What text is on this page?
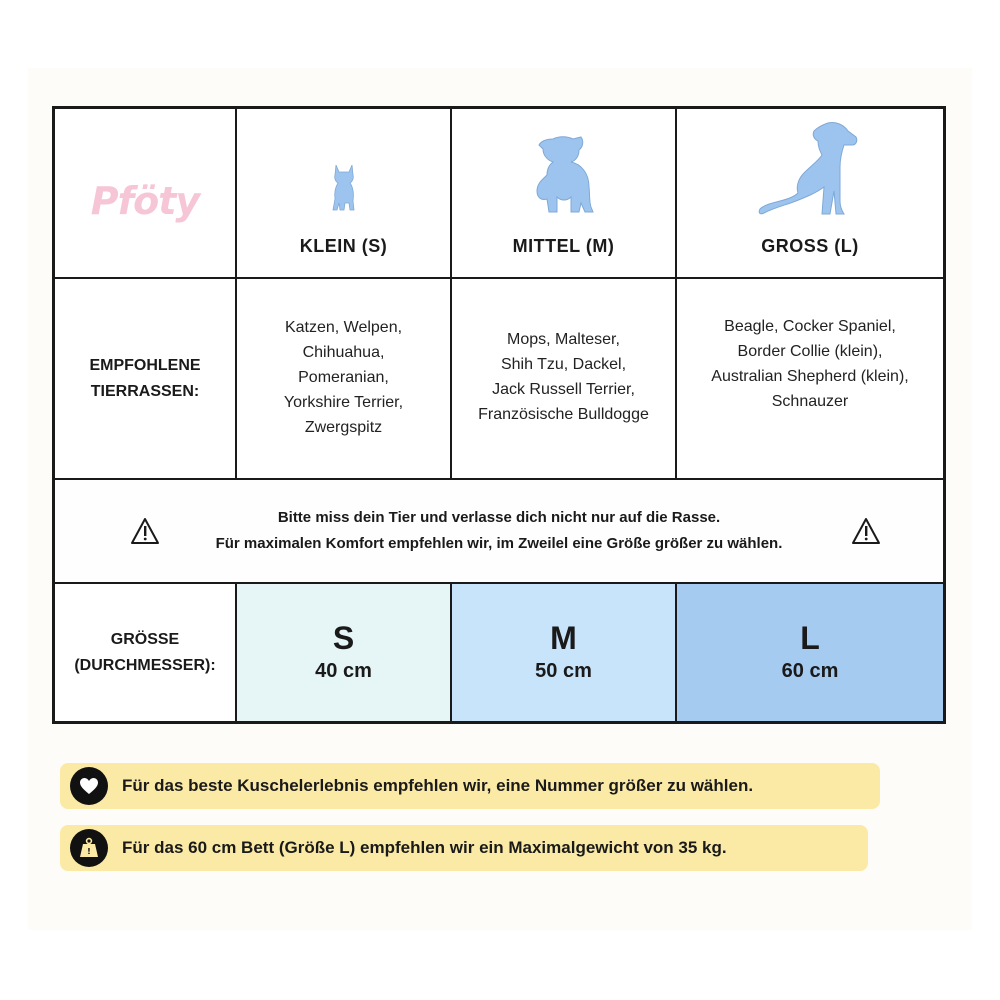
Pföty
KLEIN (S)	MITTEL (M)	GROSS (L)
EMPFOHLENE
TIERRASSEN:
Katzen, Welpen,
Chihuahua,
Pomeranian,
Yorkshire Terrier,
Zwergspitz
Mops, Malteser,
Shih Tzu, Dackel,
Jack Russell Terrier,
Französische Bulldogge
Beagle, Cocker Spaniel,
Border Collie (klein),
Australian Shepherd (klein),
Schnauzer
Bitte miss dein Tier und verlasse dich nicht nur auf die Rasse.
Für maximalen Komfort empfehlen wir, im Zweilel eine Größe größer zu wählen.
GRÖSSE
(DURCHMESSER):
S
40 cm
M
50 cm
L
60 cm
Für das beste Kuschelerlebnis empfehlen wir, eine Nummer größer zu wählen.
! Für das 60 cm Bett (Größe L) empfehlen wir ein Maximalgewicht von 35 kg.
